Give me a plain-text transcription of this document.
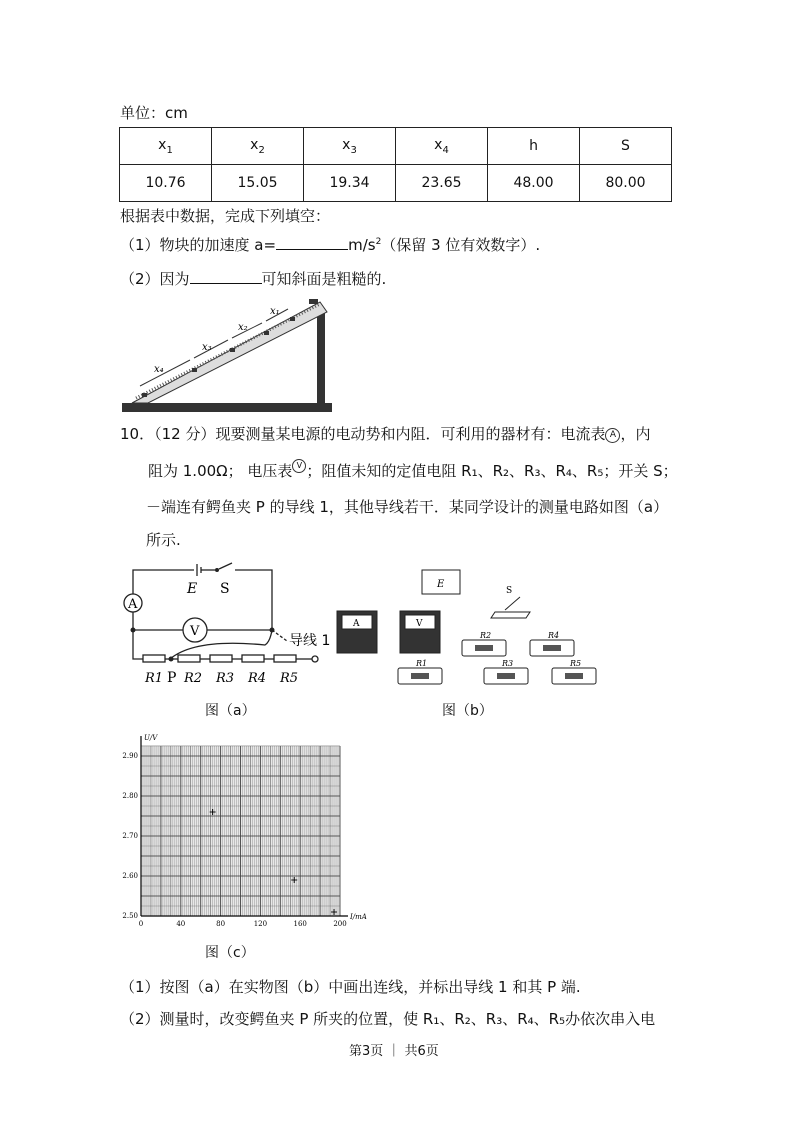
单位：cm
$x_1$	$x_2$	$x_3$	$x_4$	h	S
10.76	15.05	19.34	23.65	48.00	80.00
根据表中数据，完成下列填空：
（1）物块的加速度 a=	$m/s^2$（保留 3 位有效数字）.
（2）因为	可知斜面是粗糙的.
x₄
x₃
x₂
x₁
10．（12 分）现要测量某电源的电动势和内阻．可利用的器材有：电流表 A ，内
阻为 1.00Ω； 电压表 V ；阻值未知的定值电阻 R₁、R₂、R₃、R₄、R₅；开关 S；
－端连有鳄鱼夹 P 的导线 1，其他导线若干．某同学设计的测量电路如图（a）
所示.
A
V
E S
导线 1
P
R1 R2 R3 R4 R5
图（a）
E
S
A	V
R1
R2
R3
R4
R5
图（b）
2.50
2.60
2.70
2.80
2.90
0	40	80	120	160	200
U/V
I/mA
图（c）
（1）按图（a）在实物图（b）中画出连线，并标出导线 1 和其 P 端.
（2）测量时，改变鳄鱼夹 P 所夹的位置，使 R₁、R₂、R₃、R₄、R₅办依次串入电
第3页 ｜ 共6页
